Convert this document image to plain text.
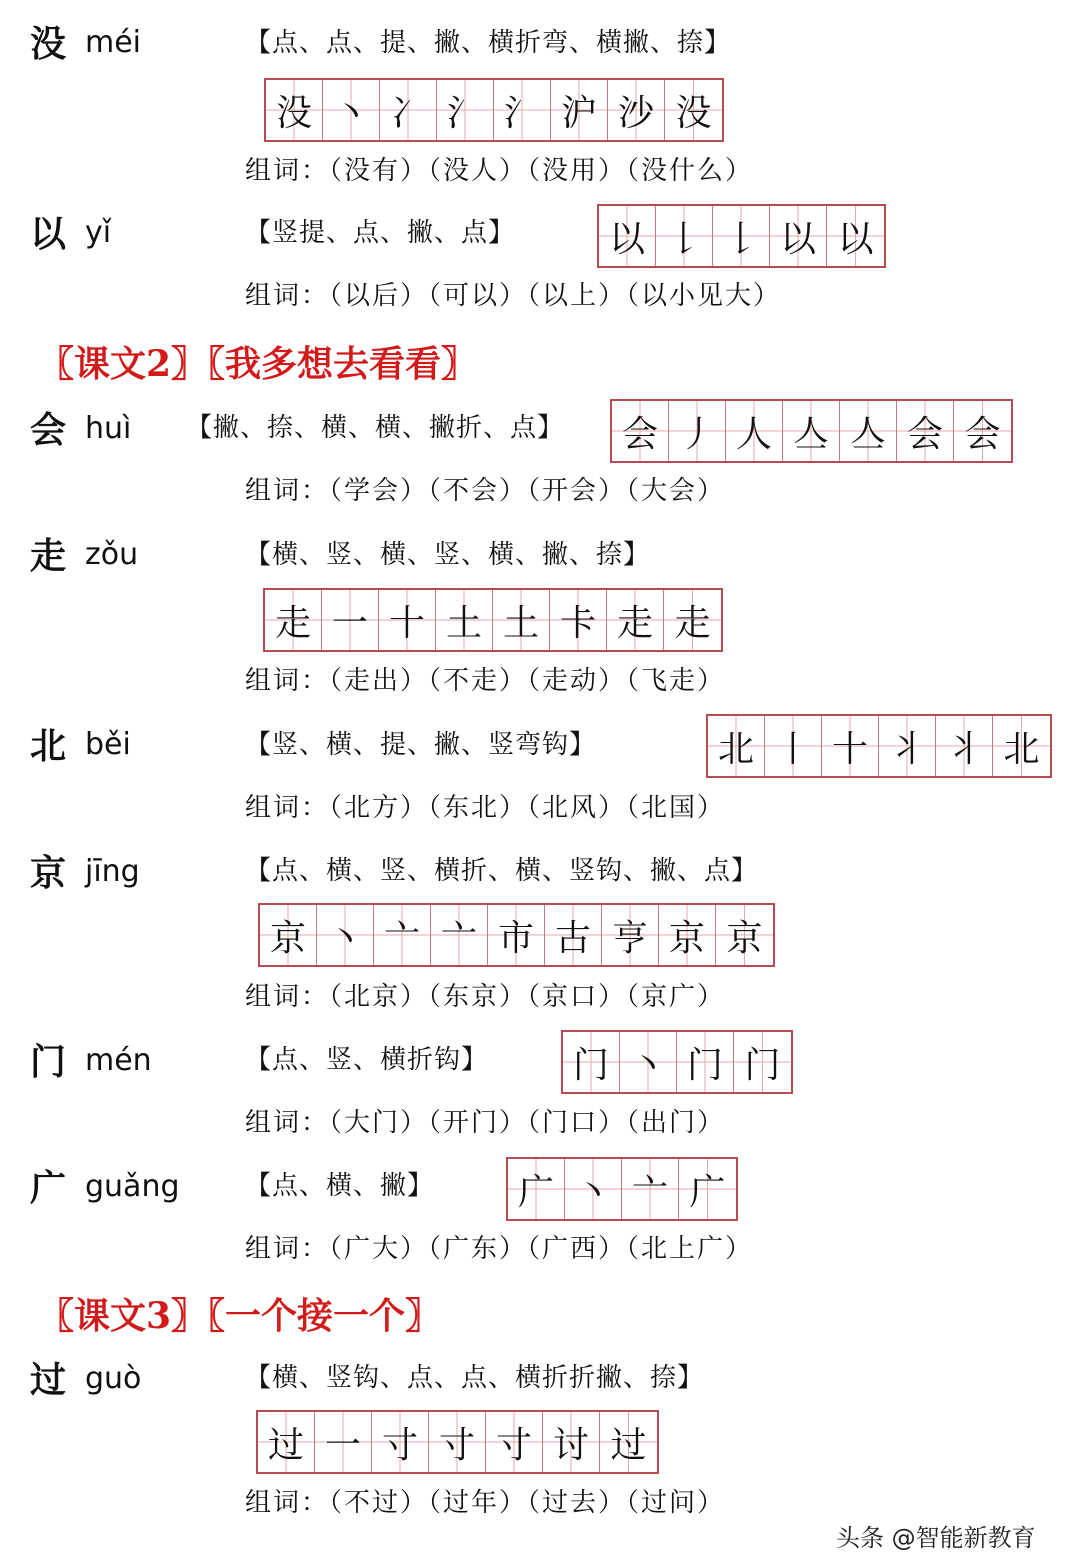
没 méi	【点、点、提、撇、横折弯、横撇、捺】
没 丶 冫 氵 氵 沪 沙 没
组词：（没有）（没人）（没用）（没什么）
以 yǐ	【竖提、点、撇、点】	以 𠄌 𠄌 以 以
组词：（以后）（可以）（以上）（以小见大）
〖课文2〗〖我多想去看看〗
会 huì 【撇、捺、横、横、撇折、点】 会 丿 人 亼 亼 会 会
组词：（学会）（不会）（开会）（大会）
走 zǒu	【横、竖、横、竖、横、撇、捺】
走 一 十 土 土 卡 走 走
组词：（走出）（不走）（走动）（飞走）
北 běi	【竖、横、提、撇、竖弯钩】	北 丨 十 丬 丬 北
组词：（北方）（东北）（北风）（北国）
京 jīng	【点、横、竖、横折、横、竖钩、撇、点】
京 丶 亠 亠 市 古 亨 京 京
组词：（北京）（东京）（京口）（京广）
门 mén	【点、竖、横折钩】 门 丶 门 门
组词：（大门）（开门）（门口）（出门）
广 guǎng	【点、横、撇】 广 丶 亠 广
组词：（广大）（广东）（广西）（北上广）
〖课文3〗〖一个接一个〗
过 guò	【横、竖钩、点、点、横折折撇、捺】
过 一 寸 寸 寸 讨 过
组词：（不过）（过年）（过去）（过问）
头条 @智能新教育
